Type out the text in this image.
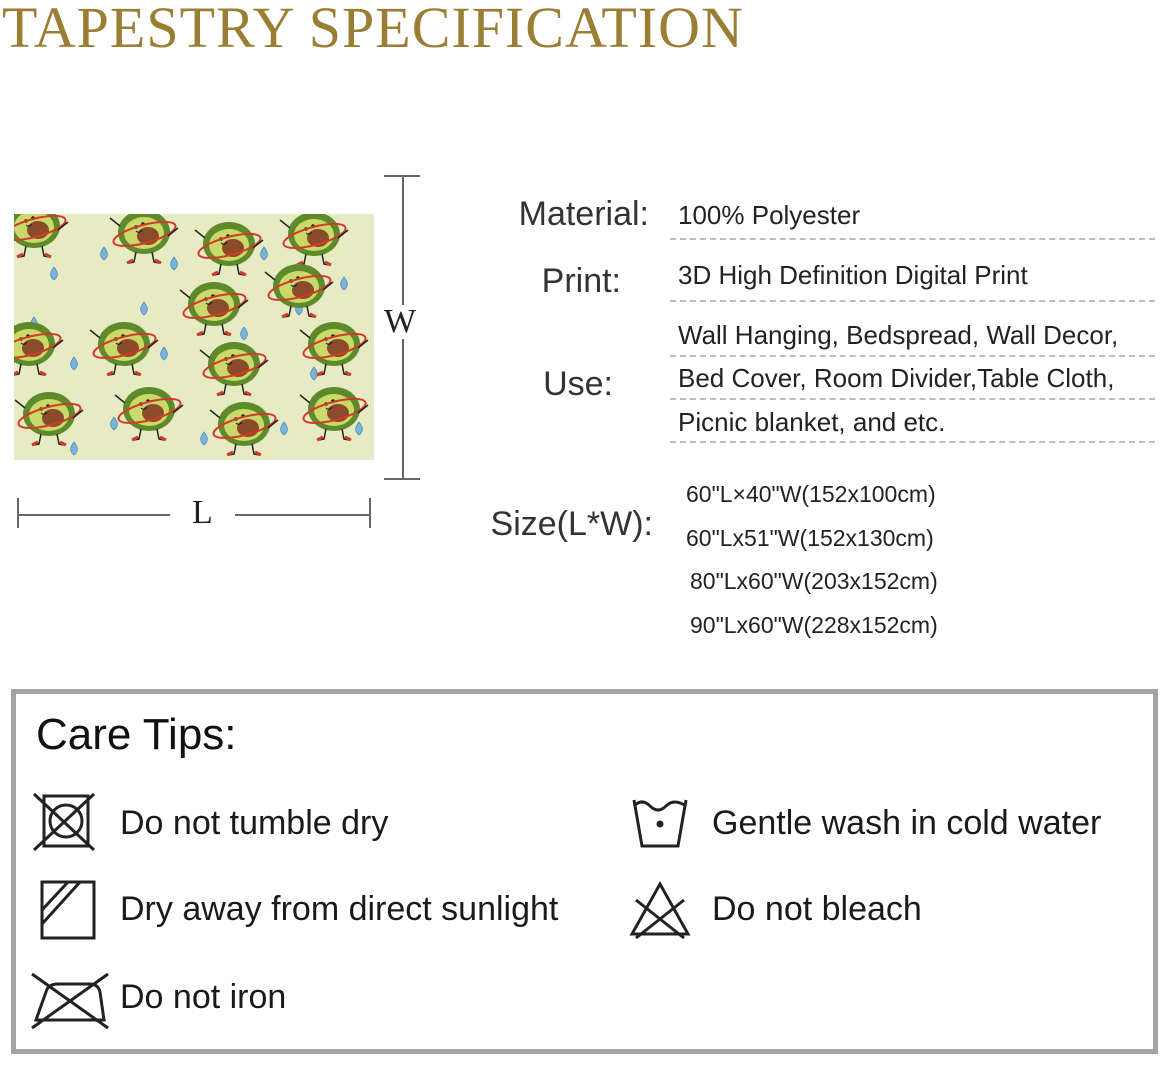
TAPESTRY SPECIFICATION
W
L
Material: 100% Polyester
Print: 3D High Definition Digital Print
Use:
Wall Hanging, Bedspread, Wall Decor,
Bed Cover, Room Divider,Table Cloth,
Picnic blanket, and etc.
Size(L*W):
60"L×40"W(152x100cm)
60"Lx51"W(152x130cm)
80"Lx60"W(203x152cm)
90"Lx60"W(228x152cm)
Care Tips:
Do not tumble dry	Gentle wash in cold water
Dry away from direct sunlight	Do not bleach
Do not iron
